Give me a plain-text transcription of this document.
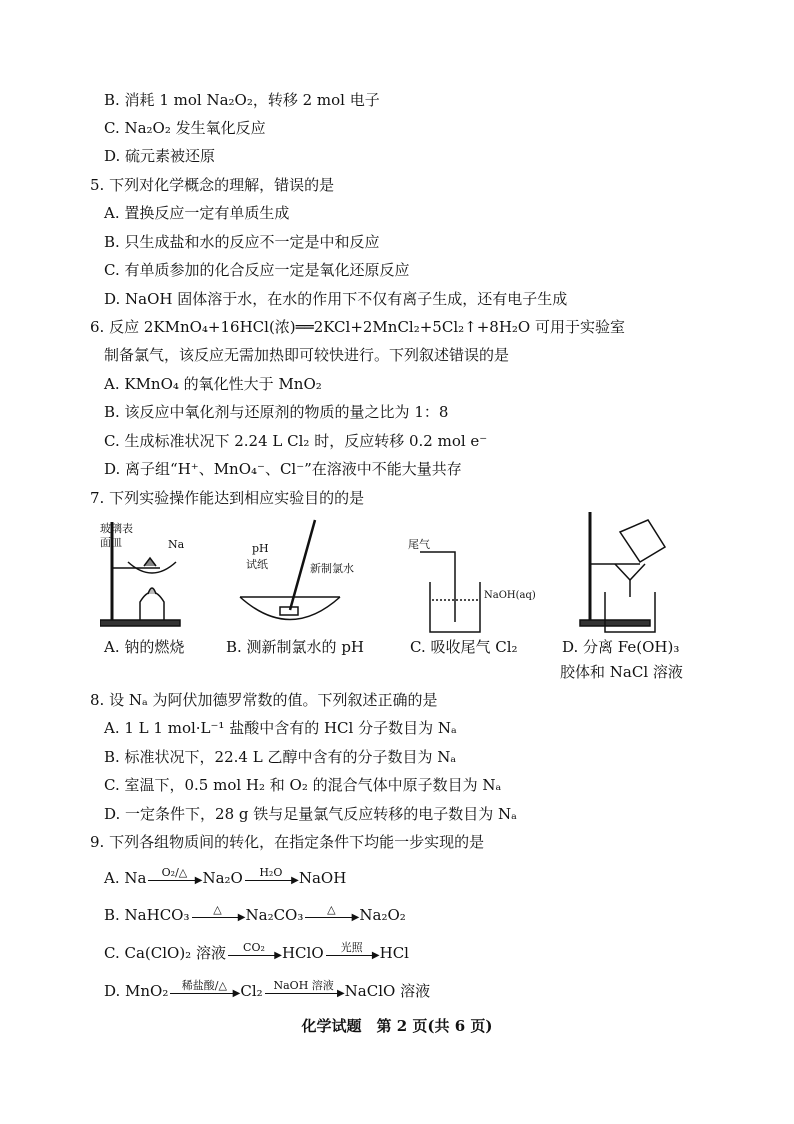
B. 消耗 1 mol Na₂O₂，转移 2 mol 电子
C. Na₂O₂ 发生氧化反应
D. 硫元素被还原
5. 下列对化学概念的理解，错误的是
A. 置换反应一定有单质生成
B. 只生成盐和水的反应不一定是中和反应
C. 有单质参加的化合反应一定是氧化还原反应
D. NaOH 固体溶于水，在水的作用下不仅有离子生成，还有电子生成
6. 反应 2KMnO₄+16HCl(浓)══2KCl+2MnCl₂+5Cl₂↑+8H₂O 可用于实验室
制备氯气，该反应无需加热即可较快进行。下列叙述错误的是
A. KMnO₄ 的氧化性大于 MnO₂
B. 该反应中氧化剂与还原剂的物质的量之比为 1：8
C. 生成标准状况下 2.24 L Cl₂ 时，反应转移 0.2 mol e⁻
D. 离子组“H⁺、MnO₄⁻、Cl⁻”在溶液中不能大量共存
7. 下列实验操作能达到相应实验目的的是
玻璃表
面皿	Na	pH
试纸	新制氯水
尾气
NaOH(aq)
A. 钠的燃烧	B. 测新制氯水的 pH	C. 吸收尾气 Cl₂	D. 分离 Fe(OH)₃
胶体和 NaCl 溶液
8. 设 Nₐ 为阿伏加德罗常数的值。下列叙述正确的是
A. 1 L 1 mol·L⁻¹ 盐酸中含有的 HCl 分子数目为 Nₐ
B. 标准状况下，22.4 L 乙醇中含有的分子数目为 Nₐ
C. 室温下，0.5 mol H₂ 和 O₂ 的混合气体中原子数目为 Nₐ
D. 一定条件下，28 g 铁与足量氯气反应转移的电子数目为 Nₐ
9. 下列各组物质间的转化，在指定条件下均能一步实现的是
A. Na	O₂/△
▶ Na₂O	H₂O
▶ NaOH
B. NaHCO₃	△
▶ Na₂CO₃	△
▶ Na₂O₂
C. Ca(ClO)₂ 溶液	CO₂
▶ HClO	光照
▶ HCl
D. MnO₂	稀盐酸/△
▶ Cl₂ NaOH 溶液
▶ NaClO 溶液
化学试题　第 2 页(共 6 页)
